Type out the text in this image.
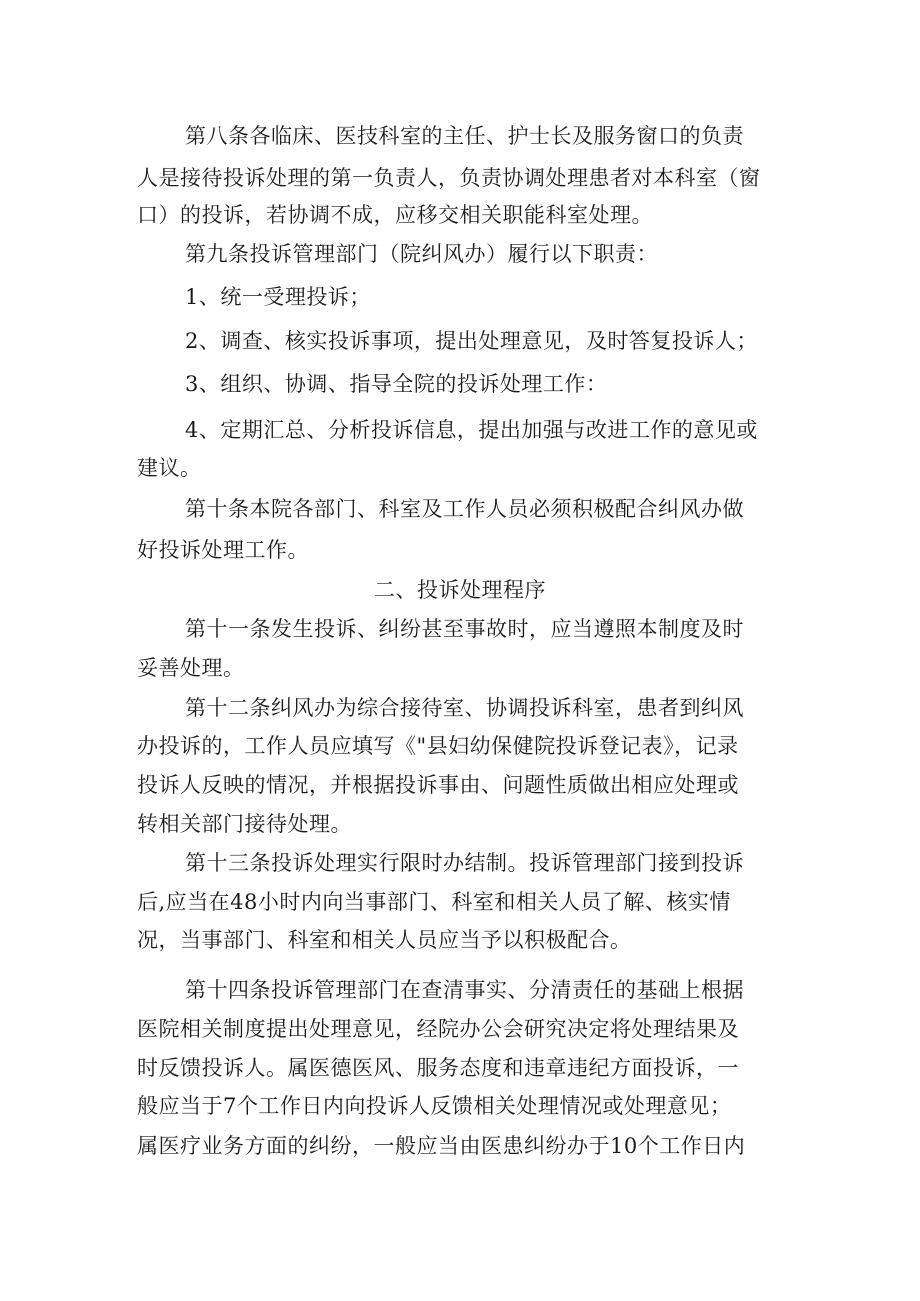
第八条各临床、医技科室的主任、护士长及服务窗口的负责
人是接待投诉处理的第一负责人，负责协调处理患者对本科室（窗
口）的投诉，若协调不成，应移交相关职能科室处理。
第九条投诉管理部门（院纠风办）履行以下职责：
1、统一受理投诉；
2、调查、核实投诉事项，提出处理意见，及时答复投诉人；
3、组织、协调、指导全院的投诉处理工作：
4、定期汇总、分析投诉信息，提出加强与改进工作的意见或
建议。
第十条本院各部门、科室及工作人员必须积极配合纠风办做
好投诉处理工作。
二、投诉处理程序
第十一条发生投诉、纠纷甚至事故时，应当遵照本制度及时
妥善处理。
第十二条纠风办为综合接待室、协调投诉科室，患者到纠风
办投诉的，工作人员应填写《"县妇幼保健院投诉登记表》，记录
投诉人反映的情况，并根据投诉事由、问题性质做出相应处理或
转相关部门接待处理。
第十三条投诉处理实行限时办结制。投诉管理部门接到投诉
后,应当在48小时内向当事部门、科室和相关人员了解、核实情
况，当事部门、科室和相关人员应当予以积极配合。
第十四条投诉管理部门在查清事实、分清责任的基础上根据
医院相关制度提出处理意见，经院办公会研究决定将处理结果及
时反馈投诉人。属医德医风、服务态度和违章违纪方面投诉，一
般应当于7个工作日内向投诉人反馈相关处理情况或处理意见；
属医疗业务方面的纠纷，一般应当由医患纠纷办于10个工作日内
